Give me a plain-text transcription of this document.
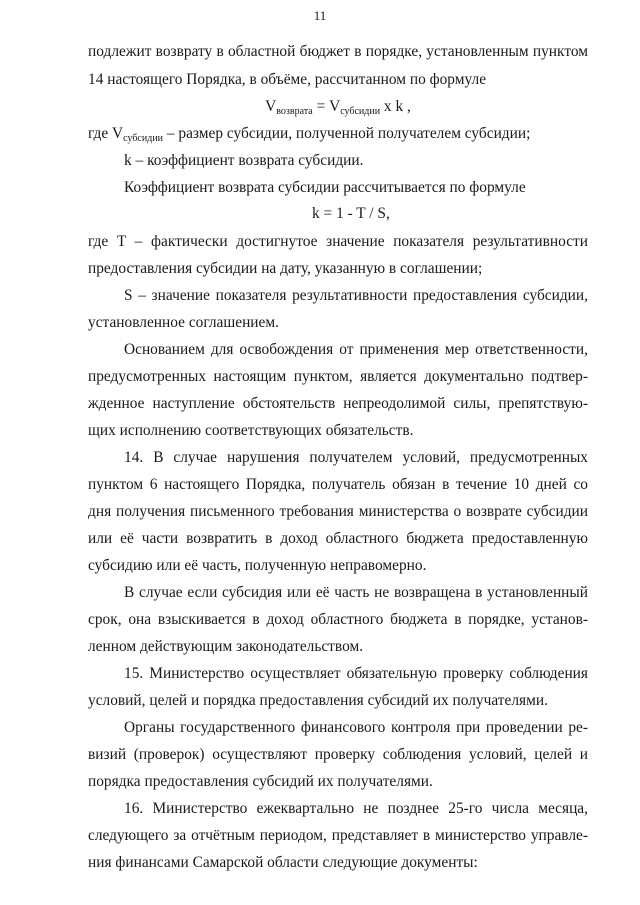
11
подлежит возврату в областной бюджет в порядке, установленным пунктом
14 настоящего Порядка, в объёме, рассчитанном по формуле
$V_{возврата} = V_{субсидии}$ x k ,
где $V_{субсидии}$ – размер субсидии, полученной получателем субсидии;
k – коэффициент возврата субсидии.
Коэффициент возврата субсидии рассчитывается по формуле
k = 1 - T / S,
где T – фактически достигнутое значение показателя результативности
предоставления субсидии на дату, указанную в соглашении;
S – значение показателя результативности предоставления субсидии,
установленное соглашением.
Основанием для освобождения от применения мер ответственности,
предусмотренных настоящим пунктом, является документально подтвер-
жденное наступление обстоятельств непреодолимой силы, препятствую-
щих исполнению соответствующих обязательств.
14. В случае нарушения получателем условий, предусмотренных
пунктом 6 настоящего Порядка, получатель обязан в течение 10 дней со
дня получения письменного требования министерства о возврате субсидии
или её части возвратить в доход областного бюджета предоставленную
субсидию или её часть, полученную неправомерно.
В случае если субсидия или её часть не возвращена в установленный
срок, она взыскивается в доход областного бюджета в порядке, установ-
ленном действующим законодательством.
15. Министерство осуществляет обязательную проверку соблюдения
условий, целей и порядка предоставления субсидий их получателями.
Органы государственного финансового контроля при проведении ре-
визий (проверок) осуществляют проверку соблюдения условий, целей и
порядка предоставления субсидий их получателями.
16. Министерство ежеквартально не позднее 25-го числа месяца,
следующего за отчётным периодом, представляет в министерство управле-
ния финансами Самарской области следующие документы:
